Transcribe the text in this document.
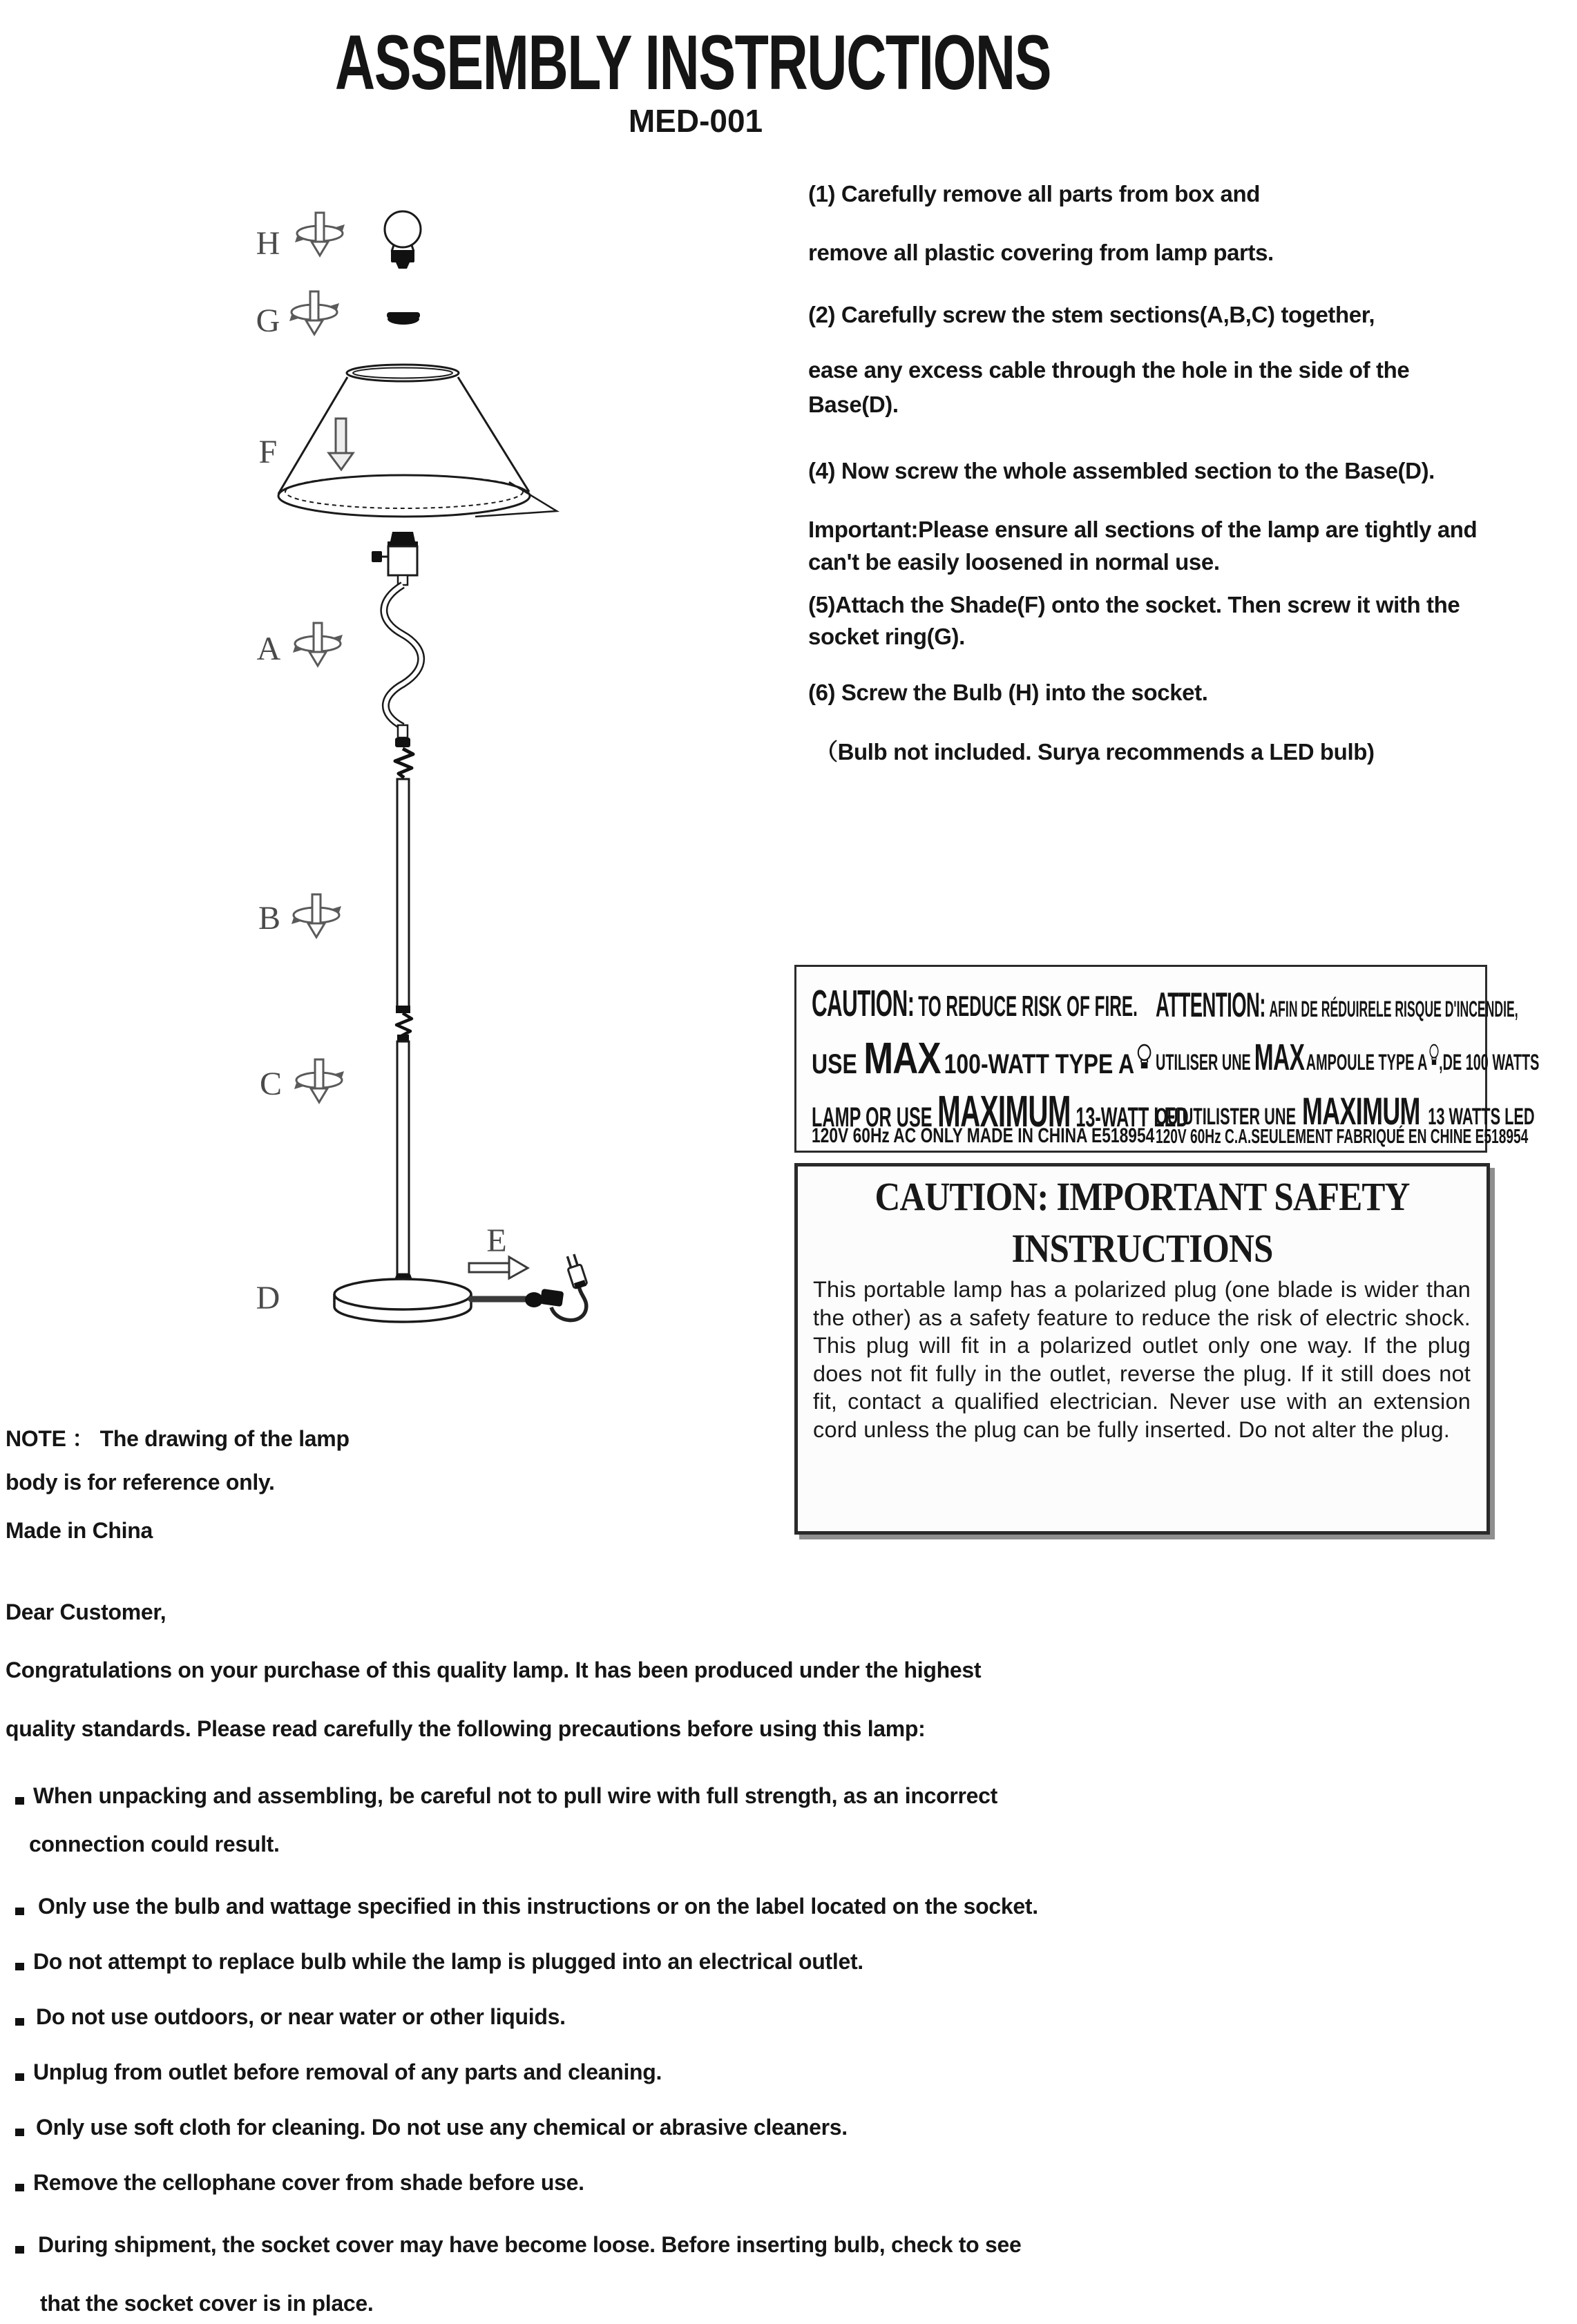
ASSEMBLY INSTRUCTIONS
MED-001
H
G
F
A
B
C
D
E
(1) Carefully remove all parts from box and
remove all plastic covering from lamp parts.
(2) Carefully screw the stem sections(A,B,C) together,
ease any excess cable through the hole in the side of the
Base(D).
(4) Now screw the whole assembled section to the Base(D).
Important:Please ensure all sections of the lamp are tightly and
can't be easily loosened in normal use.
(5)Attach the Shade(F) onto the socket. Then screw it with the
socket ring(G).
(6) Screw the Bulb (H) into the socket.
（Bulb not included. Surya recommends a LED bulb)
CAUTION: TO REDUCE RISK OF FIRE.
USE MAX 100-WATT TYPE A
LAMP OR USE MAXIMUM 13-WATT LED
120V 60Hz AC ONLY MADE IN CHINA E518954
ATTENTION: AFIN DE RÉDUIRELE RISQUE D'INCENDIE,
UTILISER UNE MAX AMPOULE TYPE A ,DE 100 WATTS
OU UTILISTER UNE MAXIMUM 13 WATTS LED
120V 60Hz C.A.SEULEMENT FABRIQUÉ EN CHINE E518954
CAUTION: IMPORTANT SAFETY
INSTRUCTIONS
This portable lamp has a polarized plug (one blade is wider than the other) as a safety feature to reduce the risk of electric shock. This plug will fit in a polarized outlet only one way. If the plug does not fit fully in the outlet, reverse the plug. If it still does not fit, contact a qualified electrician. Never use with an extension cord unless the plug can be fully inserted. Do not alter the plug.
NOTE ： The drawing of the lamp
body is for reference only.
Made in China
Dear Customer,
Congratulations on your purchase of this quality lamp. It has been produced under the highest
quality standards. Please read carefully the following precautions before using this lamp:
When unpacking and assembling, be careful not to pull wire with full strength, as an incorrect
connection could result.
Only use the bulb and wattage specified in this instructions or on the label located on the socket.
Do not attempt to replace bulb while the lamp is plugged into an electrical outlet.
Do not use outdoors, or near water or other liquids.
Unplug from outlet before removal of any parts and cleaning.
Only use soft cloth for cleaning. Do not use any chemical or abrasive cleaners.
Remove the cellophane cover from shade before use.
During shipment, the socket cover may have become loose. Before inserting bulb, check to see
that the socket cover is in place.
